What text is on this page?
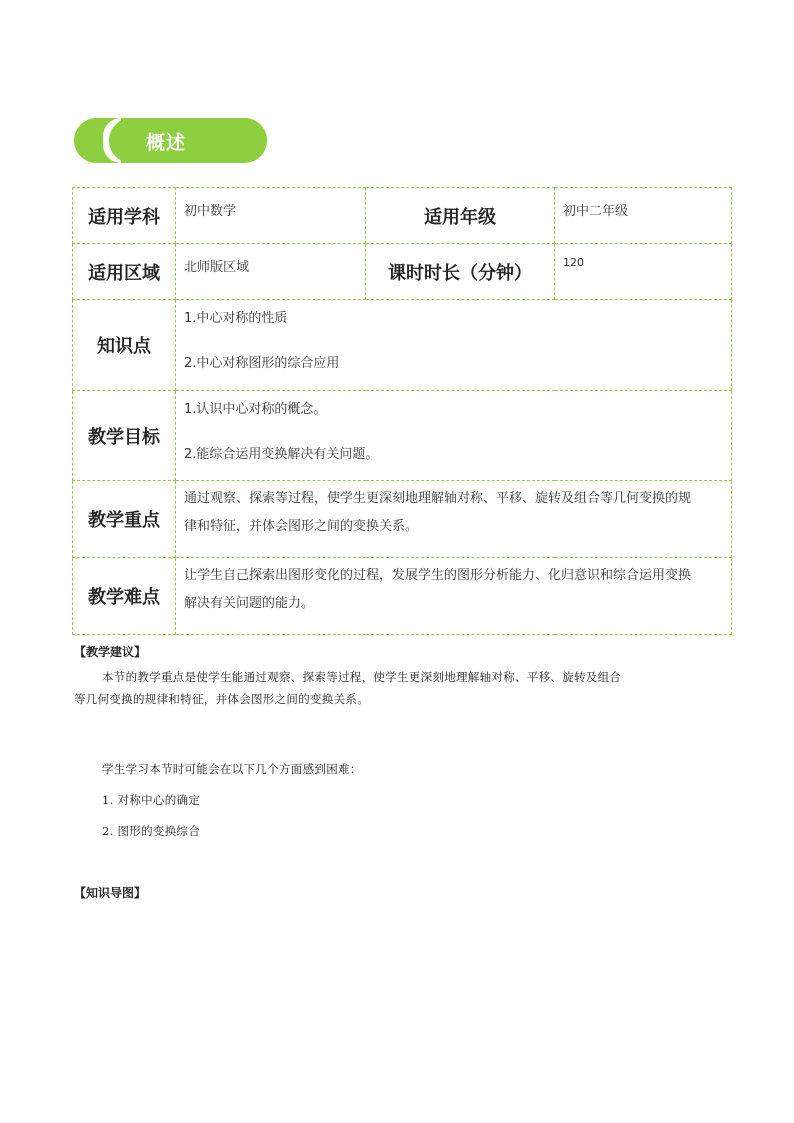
概述
适用学科	初中数学	适用年级	初中二年级
适用区域	北师版区域	课时时长（分钟）	120
知识点	1.中心对称的性质
2.中心对称图形的综合应用		

教学目标	1.认识中心对称的概念。
2.能综合运用变换解决有关问题。		

教学重点	通过观察、探索等过程，使学生更深刻地理解轴对称、平移、旋转及组合等几何变换的规
律和特征，并体会图形之间的变换关系。		

教学难点	让学生自己探索出图形变化的过程，发展学生的图形分析能力、化归意识和综合运用变换
解决有关问题的能力。		
【教学建议】
本节的教学重点是使学生能通过观察、探索等过程，使学生更深刻地理解轴对称、平移、旋转及组合
等几何变换的规律和特征，并体会图形之间的变换关系。
学生学习本节时可能会在以下几个方面感到困难：
1. 对称中心的确定
2. 图形的变换综合
【知识导图】
